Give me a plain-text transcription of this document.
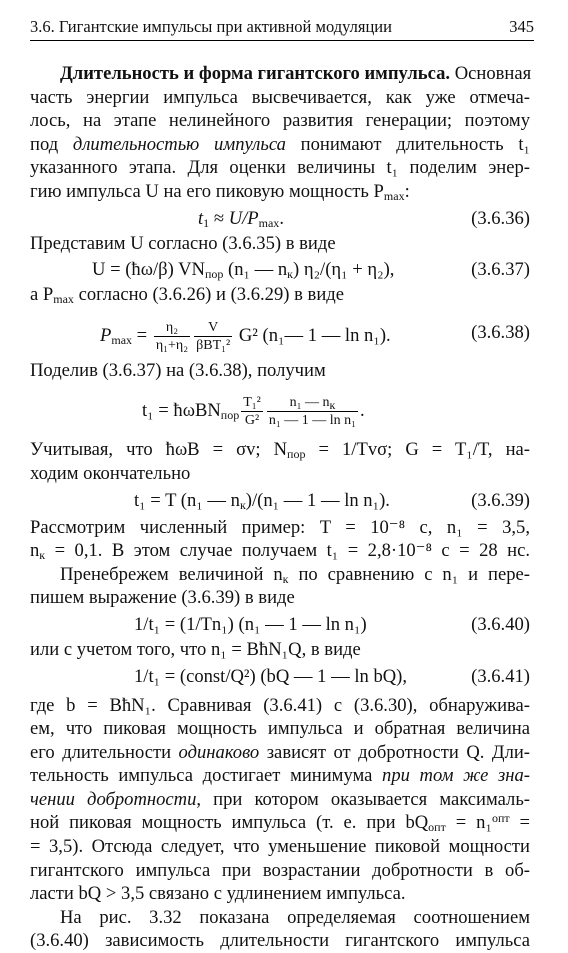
3.6. Гигантские импульсы при активной модуляции	345
Длительность и форма гигантского импульса. Основная
часть энергии импульса высвечивается, как уже отмеча-
лось, на этапе нелинейного развития генерации; поэтому
под длительностью импульса понимают длительность t₁
указанного этапа. Для оценки величины t₁ поделим энер-
гию импульса U на его пиковую мощность $P_{max}$:
$t_1 \approx U/P_{max}$.	(3.6.36)
Представим U согласно (3.6.35) в виде
U = (ħω/β) $VN_{пор}$ (n₁ — $n_к$) η₂/(η₁ + η₂),	(3.6.37)
а $P_{max}$ согласно (3.6.26) и (3.6.29) в виде
$P_{max} = \frac{\text{η₂}}{\text{η₁+η₂}} \frac{V}{\text{βBT₁²}} G^2$ (n₁— 1 — ln n₁).	(3.6.38)
Поделив (3.6.37) на (3.6.38), получим
t₁ = ħωBN$_{пор}$ $\frac{\text{T₁²}}{\text{G²}} \frac{n_1 — n_к}{\text{n₁ — 1 — ln n₁}}$ .
Учитывая, что ħωB = σv; $N_{пор} = 1/Tv\sigma$; G = T₁/T, на-
ходим окончательно
t₁ = T (n₁ — $n_к)/(n_1$ — 1 — ln n₁).	(3.6.39)
Рассмотрим численный пример: T = 10⁻⁸ с, n₁ = 3,5,
$n_к = 0,1$. В этом случае получаем t₁ = 2,8·10⁻⁸ с = 28 нс.
Пренебрежем величиной $n_к$ по сравнению с n₁ и пере-
пишем выражение (3.6.39) в виде
1/t₁ = (1/Tn₁) (n₁ — 1 — ln n₁)	(3.6.40)
или с учетом того, что n₁ = BħN₁Q, в виде
1/t₁ = (const/Q²) (bQ — 1 — ln bQ),	(3.6.41)
где b = BħN₁. Сравнивая (3.6.41) с (3.6.30), обнаружива-
ем, что пиковая мощность импульса и обратная величина
его длительности одинаково зависят от добротности Q. Дли-
тельность импульса достигает минимума при том же зна-
чении добротности, при котором оказывается максималь-
ной пиковая мощность импульса (т. е. при $bQ_{опт} = n_1^{опт}$ =
= 3,5). Отсюда следует, что уменьшение пиковой мощности
гигантского импульса при возрастании добротности в об-
ласти bQ > 3,5 связано с удлинением импульса.
На рис. 3.32 показана определяемая соотношением
(3.6.40) зависимость длительности гигантского импульса
